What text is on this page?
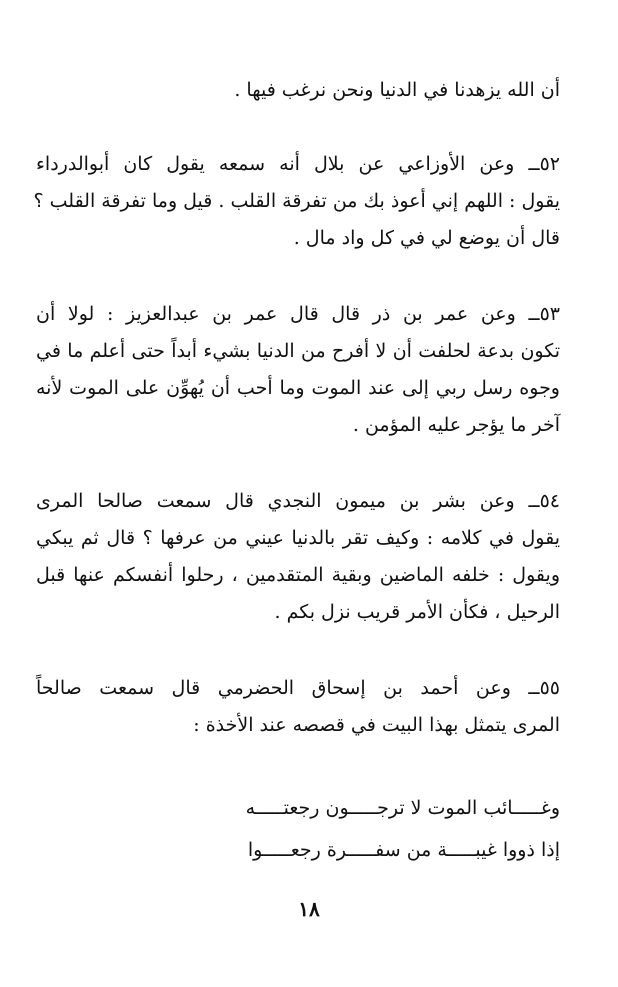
أن الله يزهدنا في الدنيا ونحن نرغب فيها .
٥٢ــ وعن الأوزاعي عن بلال أنه سمعه يقول كان أبوالدرداء
يقول : اللهم إني أعوذ بك من تفرقة القلب . قيل وما تفرقة القلب ؟
قال أن يوضع لي في كل واد مال .
٥٣ــ وعن عمر بن ذر قال قال عمر بن عبدالعزيز : لولا أن
تكون بدعة لحلفت أن لا أفرح من الدنيا بشيء أبداً حتى أعلم ما في
وجوه رسل ربي إلى عند الموت وما أحب أن يُهوِّن على الموت لأنه
آخر ما يؤجر عليه المؤمن .
٥٤ــ وعن بشر بن ميمون النجدي قال سمعت صالحا المرى
يقول في كلامه : وكيف تقر بالدنيا عيني من عرفها ؟ قال ثم يبكي
ويقول : خلفه الماضين وبقية المتقدمين ، رحلوا أنفسكم عنها قبل
الرحيل ، فكأن الأمر قريب نزل بكم .
٥٥ــ وعن أحمد بن إسحاق الحضرمي قال سمعت صالحاً
المرى يتمثل بهذا البيت في قصصه عند الأخذة :
وغـــــائب الموت لا ترجـــــون رجعتـــــه
إذا ذووا غيبـــــة من سفـــــرة رجعـــــوا
١٨
